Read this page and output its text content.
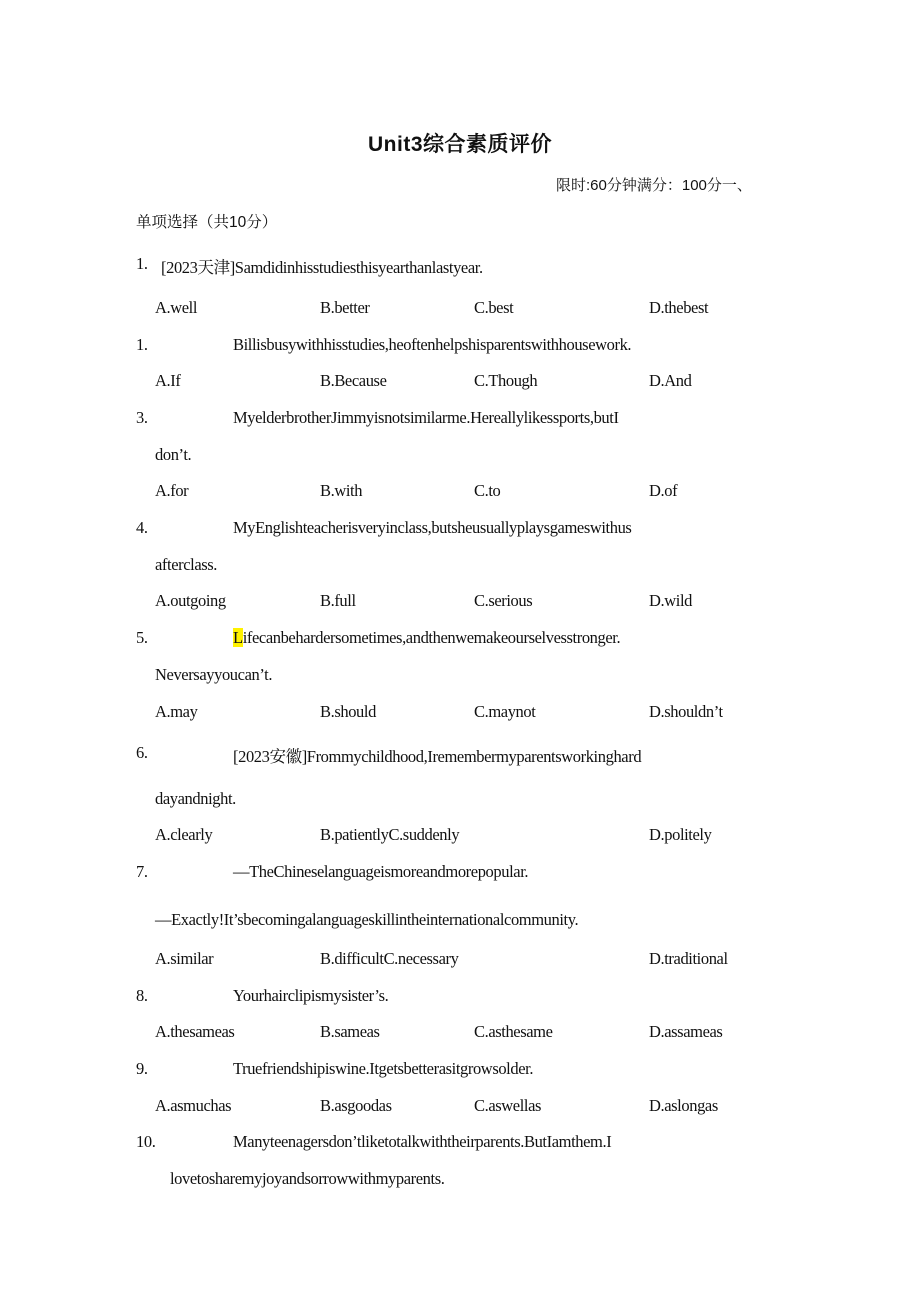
Unit3综合素质评价
限时:60分钟满分：100分一、
单项选择（共10分）
1. [2023天津]Samdidinhisstudiesthisyearthanlastyear.
A.well	B.better	C.best	D.thebest
1.	Billisbusywithhisstudies,heoftenhelpshisparentswithhousework.
A.If	B.Because	C.Though	D.And
3.	MyelderbrotherJimmyisnotsimilarme.Hereallylikessports,butI
don’t.
A.for	B.with	C.to	D.of
4.	MyEnglishteacherisveryinclass,butsheusuallyplaysgameswithus
afterclass.
A.outgoing	B.full	C.serious	D.wild
5.	Lifecanbehardersometimes,andthenwemakeourselvesstronger.
Neversayyoucan’t.
A.may	B.should	C.maynot	D.shouldn’t
6.	[2023安徽]Frommychildhood,Iremembermyparentsworkinghard
dayandnight.
A.clearly	B.patientlyC.suddenly	D.politely
7.	—TheChineselanguageismoreandmorepopular.
—Exactly!It’sbecomingalanguageskillintheinternationalcommunity.
A.similar	B.difficultC.necessary	D.traditional
8.	Yourhairclipismysister’s.
A.thesameas	B.sameas	C.asthesame	D.assameas
9.	Truefriendshipiswine.Itgetsbetterasitgrowsolder.
A.asmuchas	B.asgoodas	C.aswellas	D.aslongas
10.	Manyteenagersdon’tliketotalkwiththeirparents.ButIamthem.I
lovetosharemyjoyandsorrowwithmyparents.
